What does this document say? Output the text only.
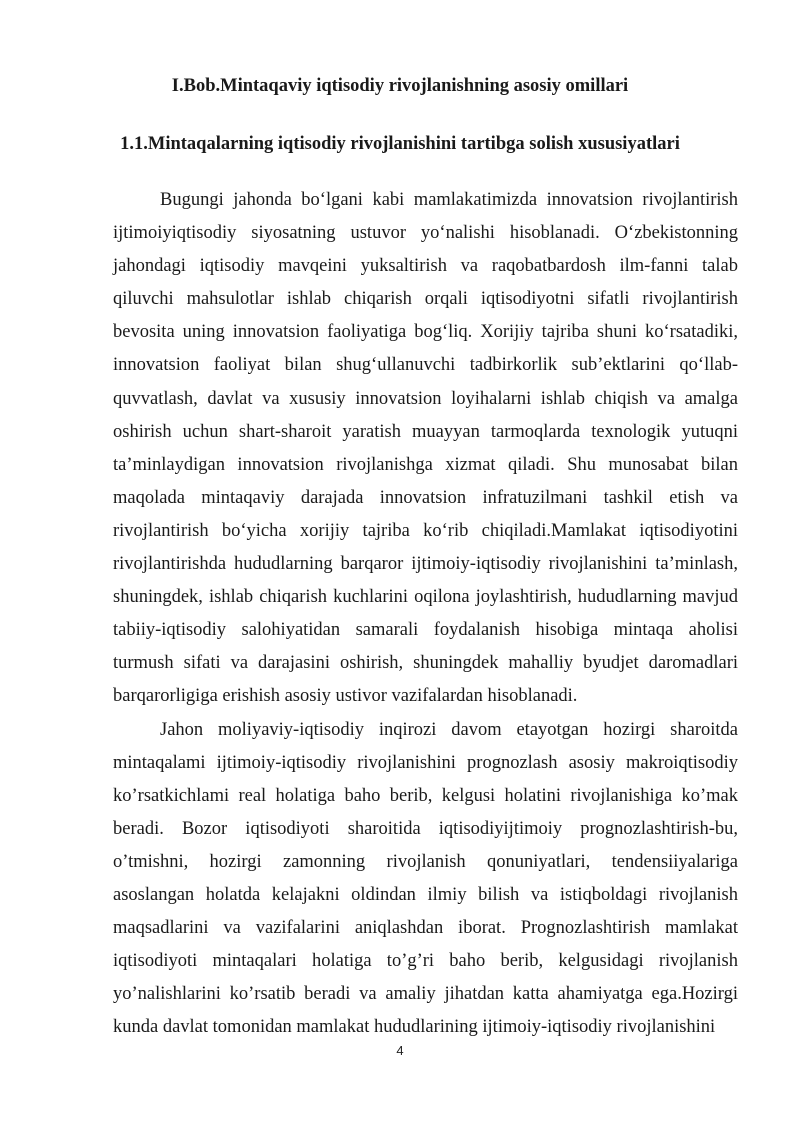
I.Bob.Mintaqaviy iqtisodiy rivojlanishning asosiy omillari
1.1.Mintaqalarning iqtisodiy rivojlanishini tartibga solish xususiyatlari

Bugungi jahonda bo‘lgani kabi mamlakatimizda innovatsion rivojlantirish ijtimoiyiqtisodiy siyosatning ustuvor yo‘nalishi hisoblanadi. O‘zbekistonning jahondagi iqtisodiy mavqeini yuksaltirish va raqobatbardosh ilm-fanni talab qiluvchi mahsulotlar ishlab chiqarish orqali iqtisodiyotni sifatli rivojlantirish bevosita uning innovatsion faoliyatiga bog‘liq. Xorijiy tajriba shuni ko‘rsatadiki, innovatsion faoliyat bilan shug‘ullanuvchi tadbirkorlik sub’ektlarini qo‘llab-quvvatlash, davlat va xususiy innovatsion loyihalarni ishlab chiqish va amalga oshirish uchun shart-sharoit yaratish muayyan tarmoqlarda texnologik yutuqni ta’minlaydigan innovatsion rivojlanishga xizmat qiladi. Shu munosabat bilan maqolada mintaqaviy darajada innovatsion infratuzilmani tashkil etish va rivojlantirish bo‘yicha xorijiy tajriba ko‘rib chiqiladi.Mamlakat iqtisodiyotini rivojlantirishda hududlarning barqaror ijtimoiy-iqtisodiy rivojlanishini ta’minlash, shuningdek, ishlab chiqarish kuchlarini oqilona joylashtirish, hududlarning mavjud tabiiy-iqtisodiy salohiyatidan samarali foydalanish hisobiga mintaqa aholisi turmush sifati va darajasini oshirish, shuningdek mahalliy byudjet daromadlari barqarorligiga erishish asosiy ustivor vazifalardan hisoblanadi.

Jahon moliyaviy-iqtisodiy inqirozi davom etayotgan hozirgi sharoitda mintaqalami ijtimoiy-iqtisodiy rivojlanishini prognozlash asosiy makroiqtisodiy ko’rsatkichlami real holatiga baho berib, kelgusi holatini rivojlanishiga ko’mak beradi. Bozor iqtisodiyoti sharoitida iqtisodiyijtimoiy prognozlashtirish-bu, o’tmishni, hozirgi zamonning rivojlanish qonuniyatlari, tendensiiyalariga asoslangan holatda kelajakni oldindan ilmiy bilish va istiqboldagi rivojlanish maqsadlarini va vazifalarini aniqlashdan iborat. Prognozlashtirish mamlakat iqtisodiyoti mintaqalari holatiga to’g’ri baho berib, kelgusidagi rivojlanish yo’nalishlarini ko’rsatib beradi va amaliy jihatdan katta ahamiyatga ega.Hozirgi kunda davlat tomonidan mamlakat hududlarining ijtimoiy-iqtisodiy rivojlanishini

4
